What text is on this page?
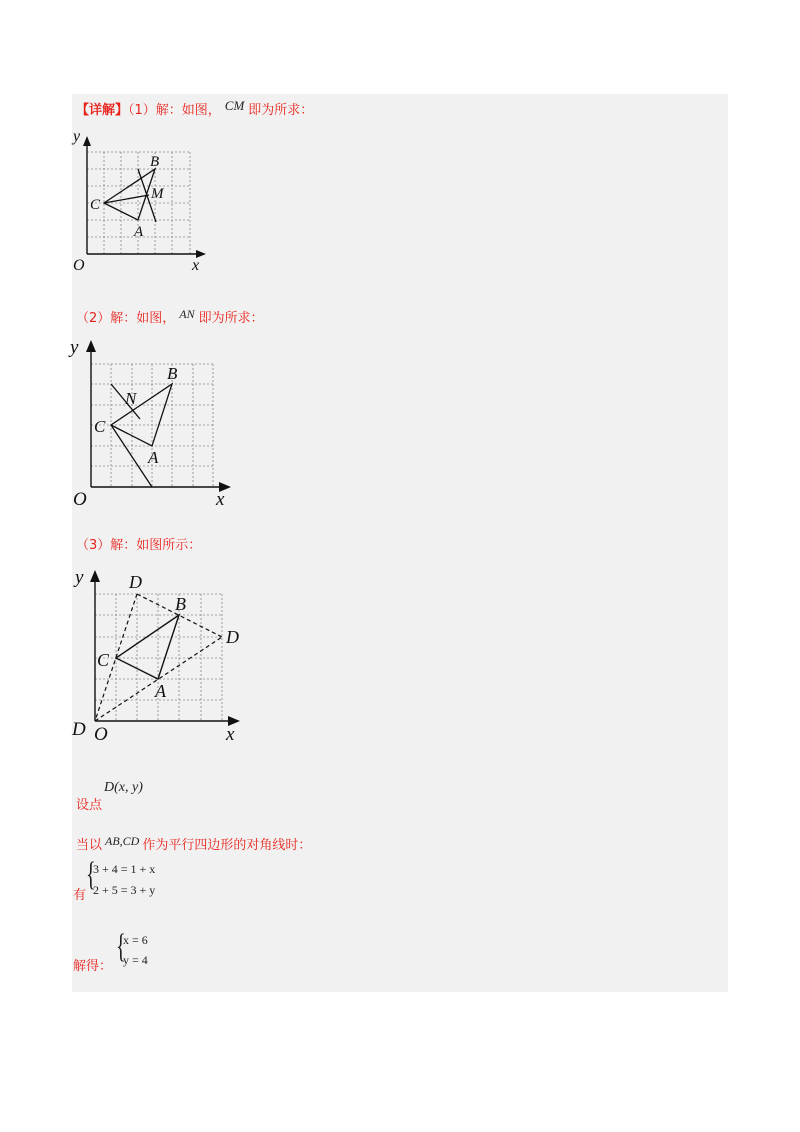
【详解】（1）解：如图， CM 即为所求：
y
x
O
B
C
M
A
（2）解：如图， AN 即为所求：
y
x
O
B
N
C
A
（3）解：如图所示：
y
x
O
D
D
D
B
C
A
设点
D(x, y)
当以 AB,CD 作为平行四边形的对角线时：
有
{
3 + 4 = 1 + x
2 + 5 = 3 + y
解得：
{
x = 6
y = 4
